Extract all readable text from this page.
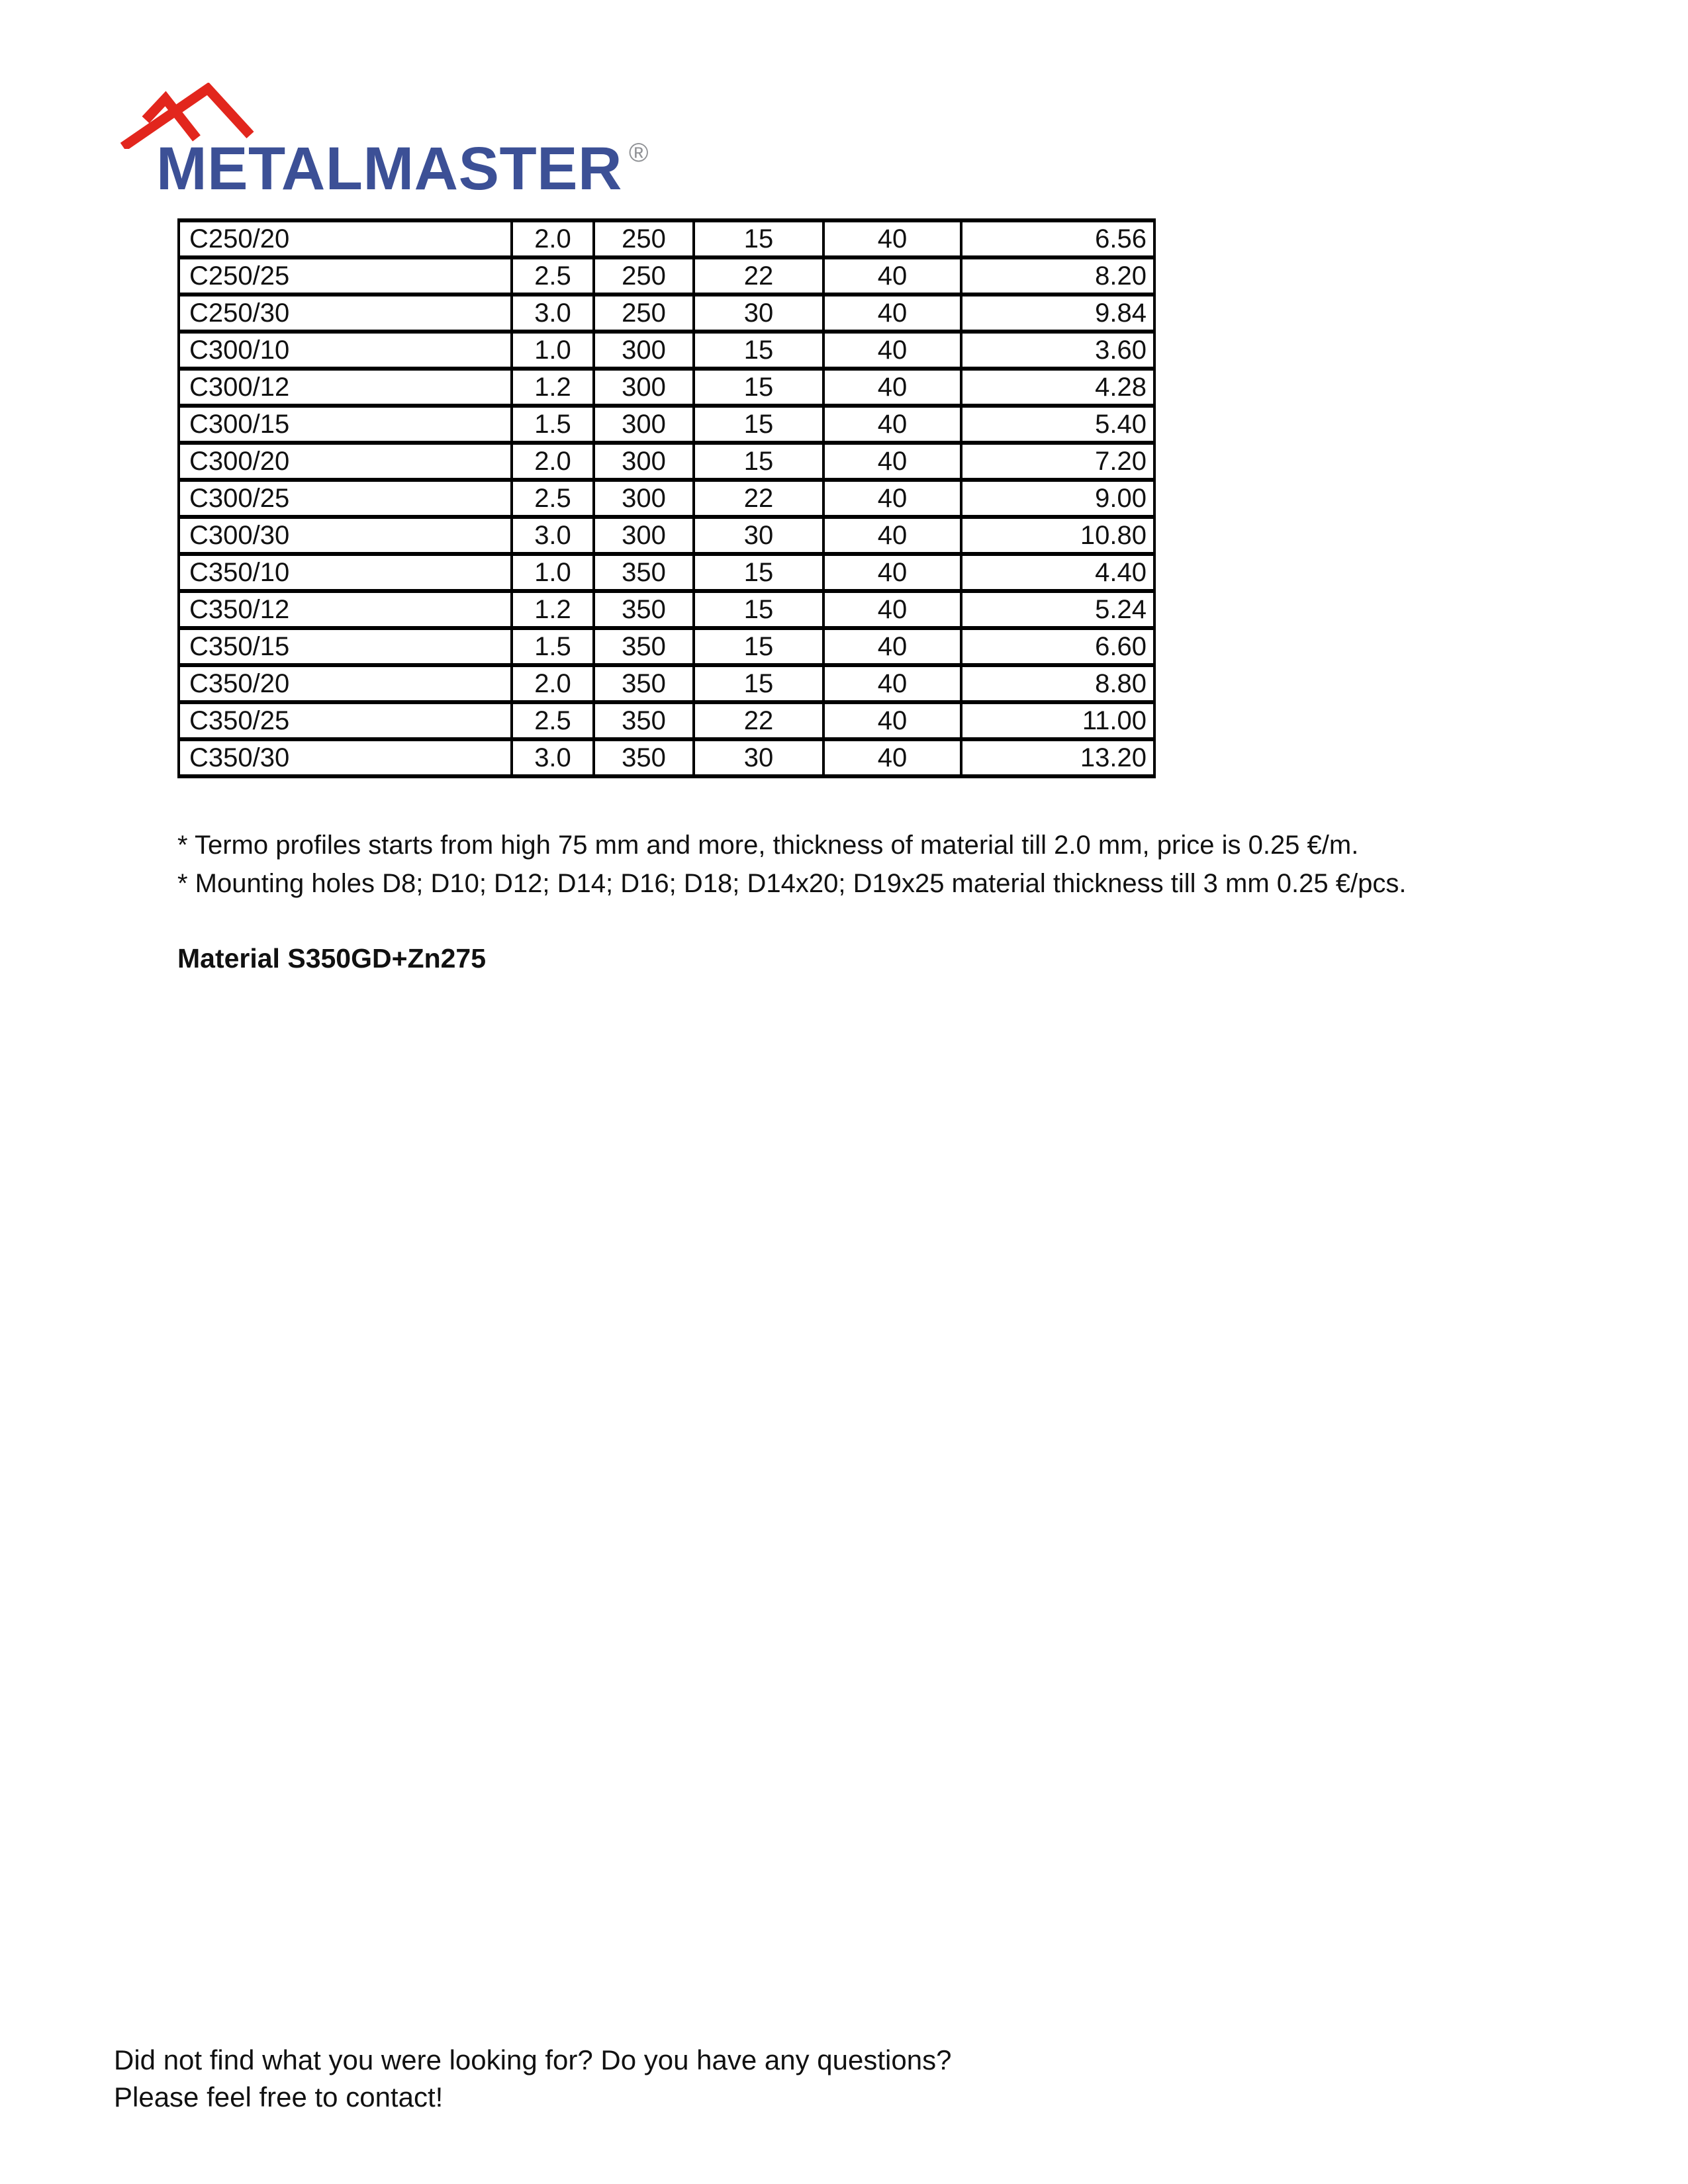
METALMASTER ®
C250/20	2.0	250	15	40	6.56
C250/25	2.5	250	22	40	8.20
C250/30	3.0	250	30	40	9.84
C300/10	1.0	300	15	40	3.60
C300/12	1.2	300	15	40	4.28
C300/15	1.5	300	15	40	5.40
C300/20	2.0	300	15	40	7.20
C300/25	2.5	300	22	40	9.00
C300/30	3.0	300	30	40	10.80
C350/10	1.0	350	15	40	4.40
C350/12	1.2	350	15	40	5.24
C350/15	1.5	350	15	40	6.60
C350/20	2.0	350	15	40	8.80
C350/25	2.5	350	22	40	11.00
C350/30	3.0	350	30	40	13.20

* Termo profiles starts from high 75 mm and more, thickness of material till 2.0 mm, price is 0.25 €/m.

* Mounting holes D8; D10; D12; D14; D16; D18; D14x20; D19x25 material thickness till 3 mm 0.25 €/pcs.

Material S350GD+Zn275

Did not find what you were looking for? Do you have any questions?

Please feel free to contact!
